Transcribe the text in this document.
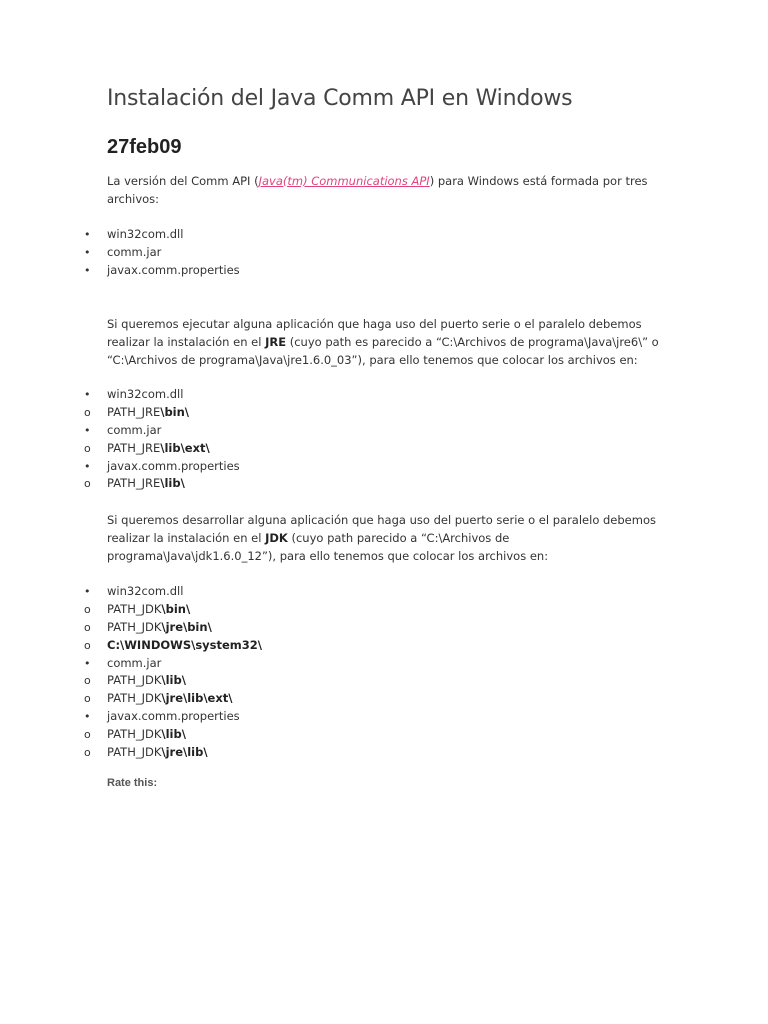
Instalación del Java Comm API en Windows
27feb09

La versión del Comm API (Java(tm) Communications API) para Windows está formada por tres
archivos:

•	win32com.dll
•	comm.jar
•	javax.comm.properties

Si queremos ejecutar alguna aplicación que haga uso del puerto serie o el paralelo debemos
realizar la instalación en el JRE (cuyo path es parecido a “C:\Archivos de programa\Java\jre6\” o
“C:\Archivos de programa\Java\jre1.6.0_03”), para ello tenemos que colocar los archivos en:

•	win32com.dll
o	PATH_JRE\bin\
•	comm.jar
o	PATH_JRE\lib\ext\
•	javax.comm.properties
o	PATH_JRE\lib\

Si queremos desarrollar alguna aplicación que haga uso del puerto serie o el paralelo debemos
realizar la instalación en el JDK (cuyo path parecido a “C:\Archivos de
programa\Java\jdk1.6.0_12”), para ello tenemos que colocar los archivos en:

•	win32com.dll
o	PATH_JDK\bin\
o	PATH_JDK\jre\bin\
o	C:\WINDOWS\system32\
•	comm.jar
o	PATH_JDK\lib\
o	PATH_JDK\jre\lib\ext\
•	javax.comm.properties
o	PATH_JDK\lib\
o	PATH_JDK\jre\lib\

Rate this:
